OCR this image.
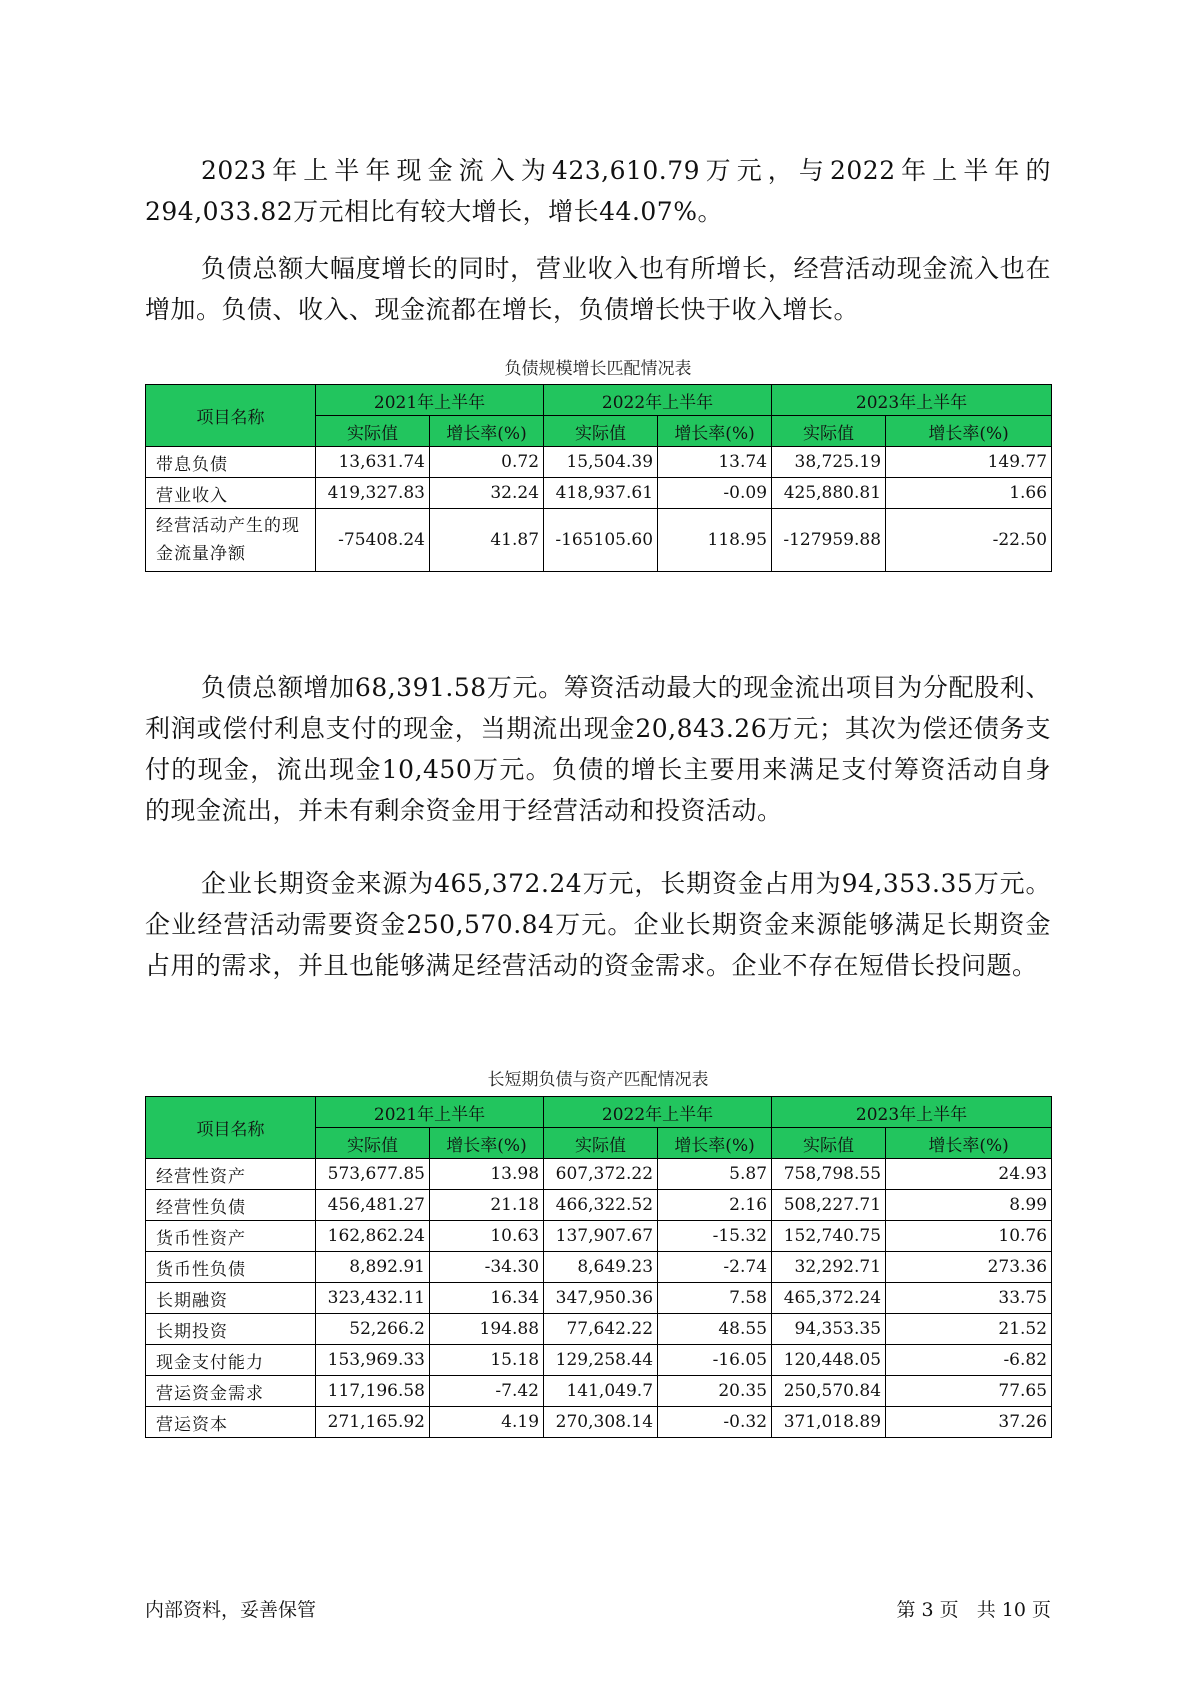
2023年上半年现金流入为423,610.79万元，与2022年上半年的294,033.82万元相比有较大增长，增长44.07%。

负债总额大幅度增长的同时，营业收入也有所增长，经营活动现金流入也在增加。负债、收入、现金流都在增长，负债增长快于收入增长。

负债规模增长匹配情况表
项目名称	2021年上半年		2022年上半年		2023年上半年	
	实际值	增长率(%)	实际值	增长率(%)	实际值	增长率(%)
带息负债	13,631.74	0.72	15,504.39	13.74	38,725.19	149.77
营业收入	419,327.83	32.24	418,937.61	-0.09	425,880.81	1.66
经营活动产生的现金流量净额	-75408.24	41.87	-165105.60	118.95	-127959.88	-22.50

负债总额增加68,391.58万元。筹资活动最大的现金流出项目为分配股利、利润或偿付利息支付的现金，当期流出现金20,843.26万元；其次为偿还债务支付的现金，流出现金10,450万元。负债的增长主要用来满足支付筹资活动自身的现金流出，并未有剩余资金用于经营活动和投资活动。

企业长期资金来源为465,372.24万元，长期资金占用为94,353.35万元。企业经营活动需要资金250,570.84万元。企业长期资金来源能够满足长期资金占用的需求，并且也能够满足经营活动的资金需求。企业不存在短借长投问题。

长短期负债与资产匹配情况表
项目名称	2021年上半年		2022年上半年		2023年上半年	
	实际值	增长率(%)	实际值	增长率(%)	实际值	增长率(%)
经营性资产	573,677.85	13.98	607,372.22	5.87	758,798.55	24.93
经营性负债	456,481.27	21.18	466,322.52	2.16	508,227.71	8.99
货币性资产	162,862.24	10.63	137,907.67	-15.32	152,740.75	10.76
货币性负债	8,892.91	-34.30	8,649.23	-2.74	32,292.71	273.36
长期融资	323,432.11	16.34	347,950.36	7.58	465,372.24	33.75
长期投资	52,266.2	194.88	77,642.22	48.55	94,353.35	21.52
现金支付能力	153,969.33	15.18	129,258.44	-16.05	120,448.05	-6.82
营运资金需求	117,196.58	-7.42	141,049.7	20.35	250,570.84	77.65
营运资本	271,165.92	4.19	270,308.14	-0.32	371,018.89	37.26
内部资料，妥善保管	第 3 页   共 10 页
